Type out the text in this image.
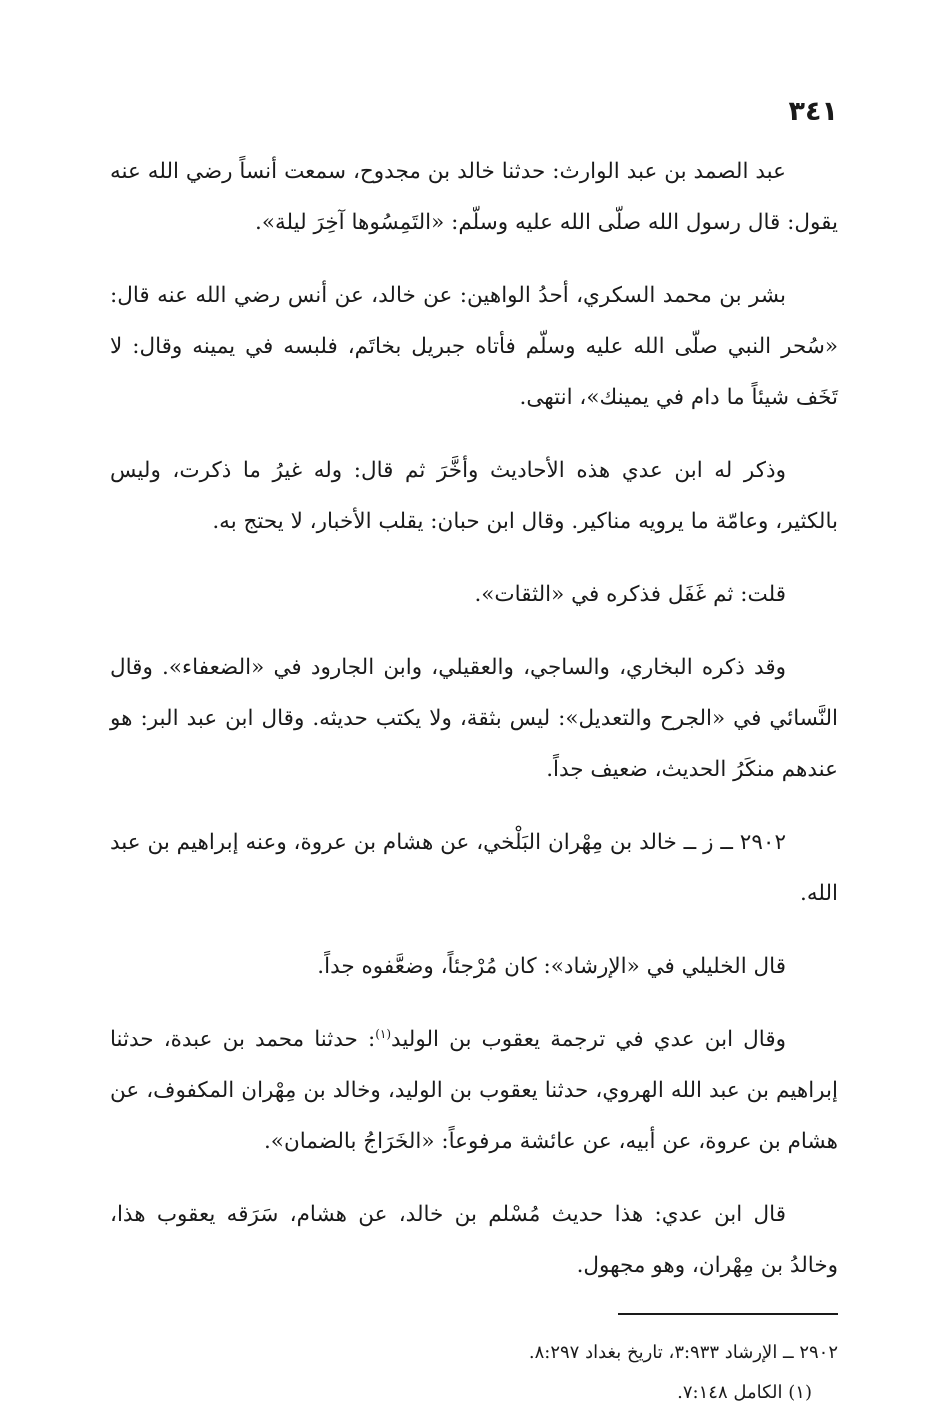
٣٤١

عبد الصمد بن عبد الوارث: حدثنا خالد بن مجدوح، سمعت أنساً رضي الله عنه يقول: قال رسول الله صلّى الله عليه وسلّم: «التَمِسُوها آخِرَ ليلة».

بشر بن محمد السكري، أحدُ الواهين: عن خالد، عن أنس رضي الله عنه قال: «سُحر النبي صلّى الله عليه وسلّم فأتاه جبريل بخاتَم، فلبسه في يمينه وقال: لا تَخَف شيئاً ما دام في يمينك»، انتهى.

وذكر له ابن عدي هذه الأحاديث وأخَّرَ ثم قال: وله غيرُ ما ذكرت، وليس بالكثير، وعامّة ما يرويه مناكير. وقال ابن حبان: يقلب الأخبار، لا يحتج به.

قلت: ثم غَفَل فذكره في «الثقات».

وقد ذكره البخاري، والساجي، والعقيلي، وابن الجارود في «الضعفاء». وقال النَّسائي في «الجرح والتعديل»: ليس بثقة، ولا يكتب حديثه. وقال ابن عبد البر: هو عندهم منكَرُ الحديث، ضعيف جداً.

٢٩٠٢ ــ ز ــ خالد بن مِهْران البَلْخي، عن هشام بن عروة، وعنه إبراهيم بن عبد الله.

قال الخليلي في «الإرشاد»: كان مُرْجئاً، وضعَّفوه جداً.

وقال ابن عدي في ترجمة يعقوب بن الوليد$^{(١)}$: حدثنا محمد بن عبدة، حدثنا إبراهيم بن عبد الله الهروي، حدثنا يعقوب بن الوليد، وخالد بن مِهْران المكفوف، عن هشام بن عروة، عن أبيه، عن عائشة مرفوعاً: «الخَرَاجُ بالضمان».

قال ابن عدي: هذا حديث مُسْلم بن خالد، عن هشام، سَرَقه يعقوب هذا، وخالدُ بن مِهْران، وهو مجهول.

٢٩٠٢ ــ الإرشاد ٣:٩٣٣، تاريخ بغداد ٨:٢٩٧.

(١) الكامل ٧:١٤٨.
